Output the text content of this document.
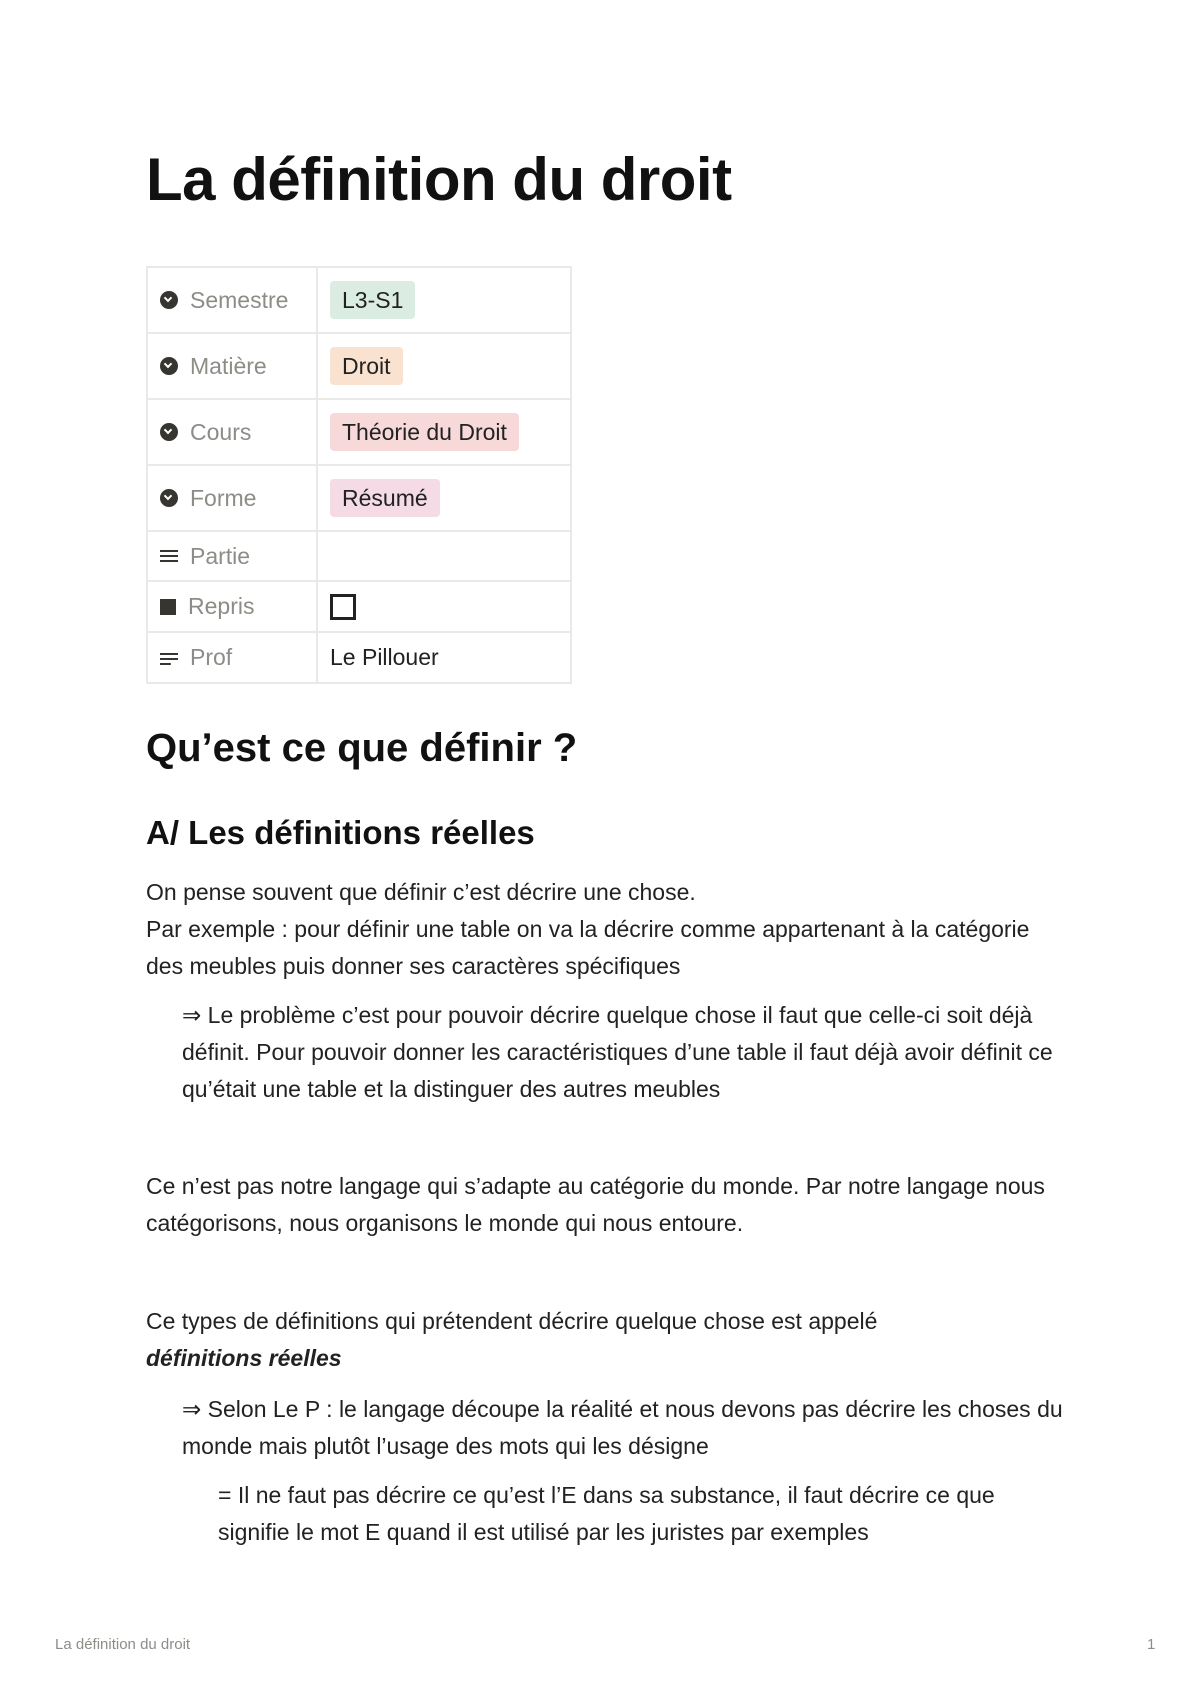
La définition du droit
Semestre	L3-S1

Matière	Droit

Cours	Théorie du Droit

Forme	Résumé

Partie	

Repris	

Prof	Le Pillouer
Qu’est ce que définir ?
A/ Les définitions réelles

On pense souvent que définir c’est décrire une chose.

Par exemple : pour définir une table on va la décrire comme appartenant à la catégorie des meubles puis donner ses caractères spécifiques

⇒ Le problème c’est pour pouvoir décrire quelque chose il faut que celle-ci soit déjà définit. Pour pouvoir donner les caractéristiques d’une table il faut déjà avoir définit ce qu’était une table et la distinguer des autres meubles

Ce n’est pas notre langage qui s’adapte au catégorie du monde. Par notre langage nous catégorisons, nous organisons le monde qui nous entoure.

Ce types de définitions qui prétendent décrire quelque chose est appelé
définitions réelles

⇒ Selon Le P : le langage découpe la réalité et nous devons pas décrire les choses du monde mais plutôt l’usage des mots qui les désigne

= Il ne faut pas décrire ce qu’est l’E dans sa substance, il faut décrire ce que signifie le mot E quand il est utilisé par les juristes par exemples

La définition du droit	1
